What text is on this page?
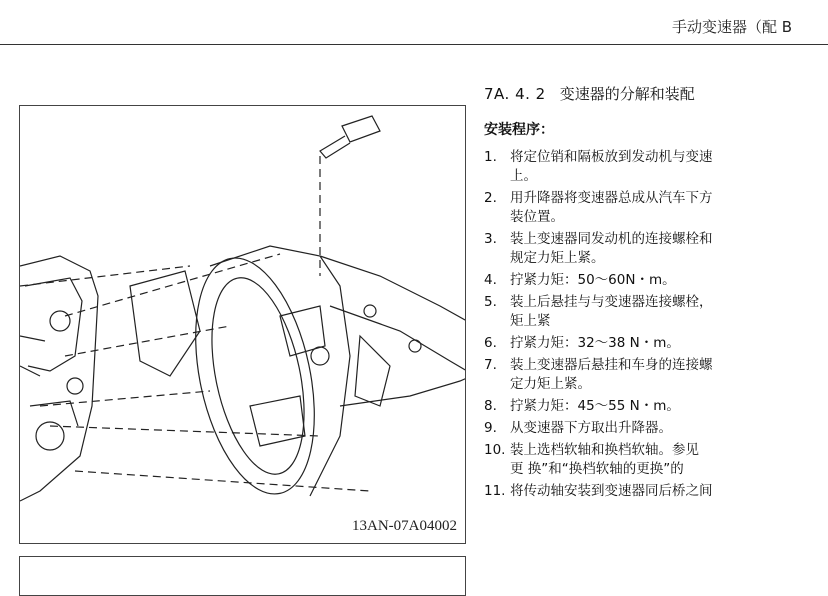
手动变速器（配 B
13AN-07A04002
7A. 4. 2 变速器的分解和装配
安装程序：
1. 将定位销和隔板放到发动机与变速
上。
2. 用升降器将变速器总成从汽车下方
装位置。
3. 装上变速器同发动机的连接螺栓和
规定力矩上紧。
4. 拧紧力矩：50～60N・m。
5. 装上后悬挂与与变速器连接螺栓，
矩上紧
6. 拧紧力矩：32～38 N・m。
7. 装上变速器后悬挂和车身的连接螺
定力矩上紧。
8. 拧紧力矩：45～55 N・m。
9. 从变速器下方取出升降器。
10. 装上选档软轴和换档软轴。参见
更 换”和“换档软轴的更换”的
11. 将传动轴安装到变速器同后桥之间
